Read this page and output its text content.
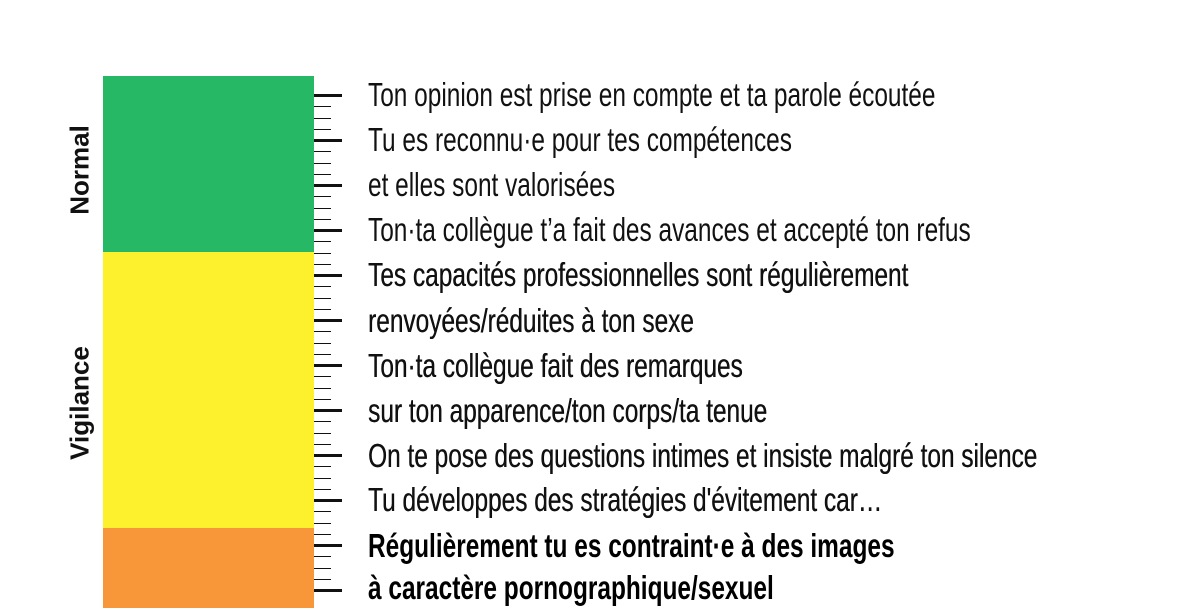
Normal
Vigilance
Ton opinion est prise en compte et ta parole écoutée
Tu es reconnu·e pour tes compétences
et elles sont valorisées
Ton·ta collègue t’a fait des avances et accepté ton refus
Tes capacités professionnelles sont régulièrement
renvoyées/réduites à ton sexe
Ton·ta collègue fait des remarques
sur ton apparence/ton corps/ta tenue
On te pose des questions intimes et insiste malgré ton silence
Tu développes des stratégies d'évitement car…
Régulièrement tu es contraint·e à des images
à caractère pornographique/sexuel
